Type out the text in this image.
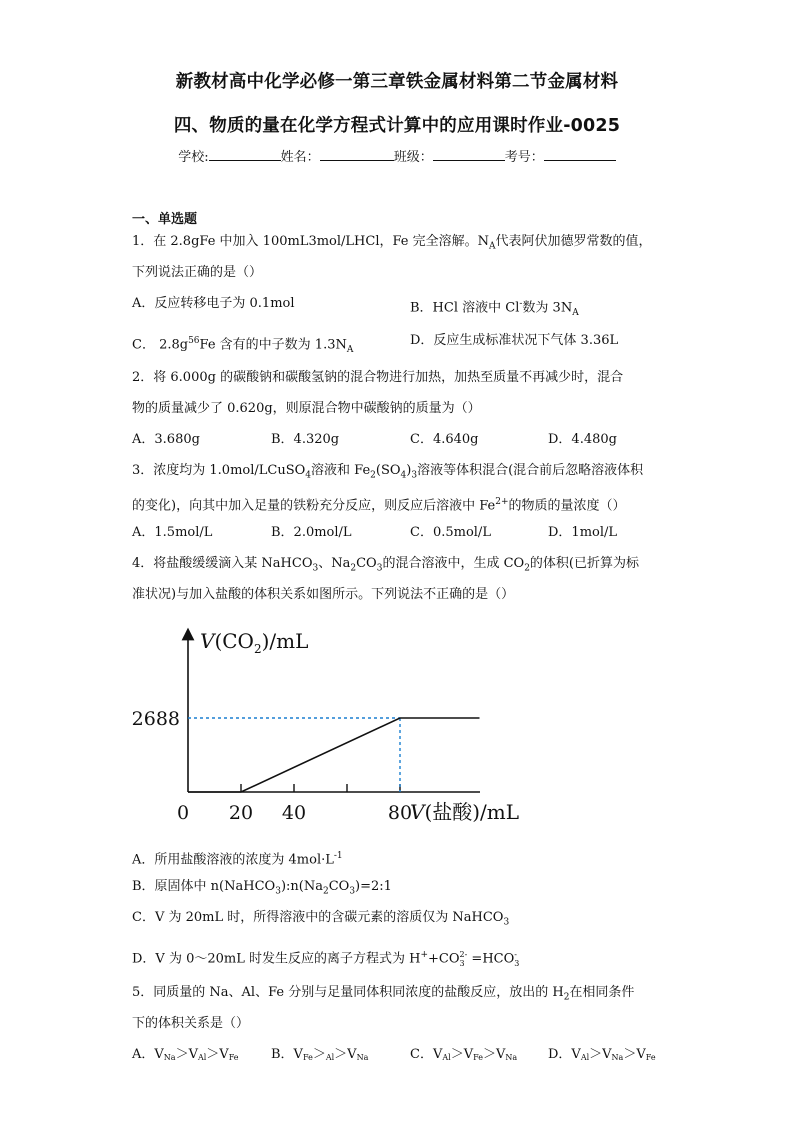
新教材高中化学必修一第三章铁金属材料第二节金属材料
四、物质的量在化学方程式计算中的应用课时作业-0025
学校:	姓名：	班级：	考号：
一、单选题
1．在 2.8gFe 中加入 100mL3mol/LHCl，Fe 完全溶解。$N_A$代表阿伏加德罗常数的值，
下列说法正确的是（）
A．反应转移电子为 0.1mol	B．HCl 溶液中 Cl-数为 $3N_A$
C． $2.8g^{56}Fe$ 含有的中子数为 $1.3N_A$
D．反应生成标准状况下气体 3.36L
2．将 6.000g 的碳酸钠和碳酸氢钠的混合物进行加热，加热至质量不再减少时，混合
物的质量减少了 0.620g，则原混合物中碳酸钠的质量为（）
A．3.680g	B．4.320g	C．4.640g	D．4.480g
3．浓度均为 1.0mol/LCuSO$_4$溶液和 $Fe_2(SO_4)_3$溶液等体积混合(混合前后忽略溶液体积
的变化)，向其中加入足量的铁粉充分反应，则反应后溶液中 $Fe^{2+}$的物质的量浓度（）
A．1.5mol/L	B．2.0mol/L	C．0.5mol/L	D．1mol/L
4．将盐酸缓缓滴入某 NaHCO$_3$、$Na_2CO_3$的混合溶液中，生成 $CO_2$的体积(已折算为标
准状况)与加入盐酸的体积关系如图所示。下列说法不正确的是（）
$V(CO_2)/mL$
V(盐酸)/mL
0 20 40	80
2688
A．所用盐酸溶液的浓度为 $4mol\cdot L^{-1}$
B．原固体中 $n(NaHCO_3):n(Na_2CO_3)=2:1$
C．V 为 20mL 时，所得溶液中的含碳元素的溶质仅为 NaHCO$_3$
D．V 为 0～20mL 时发生反应的离子方程式为 H++CO 2-
3 =HCO -
3
5．同质量的 Na、Al、Fe 分别与足量同体积同浓度的盐酸反应，放出的 $H_2$在相同条件
下的体积关系是（）
A．VNa＞VAl＞VFe B．VFe＞Al＞VNa	C．VAl＞VFe＞VNa D．VAl＞VNa＞VFe
